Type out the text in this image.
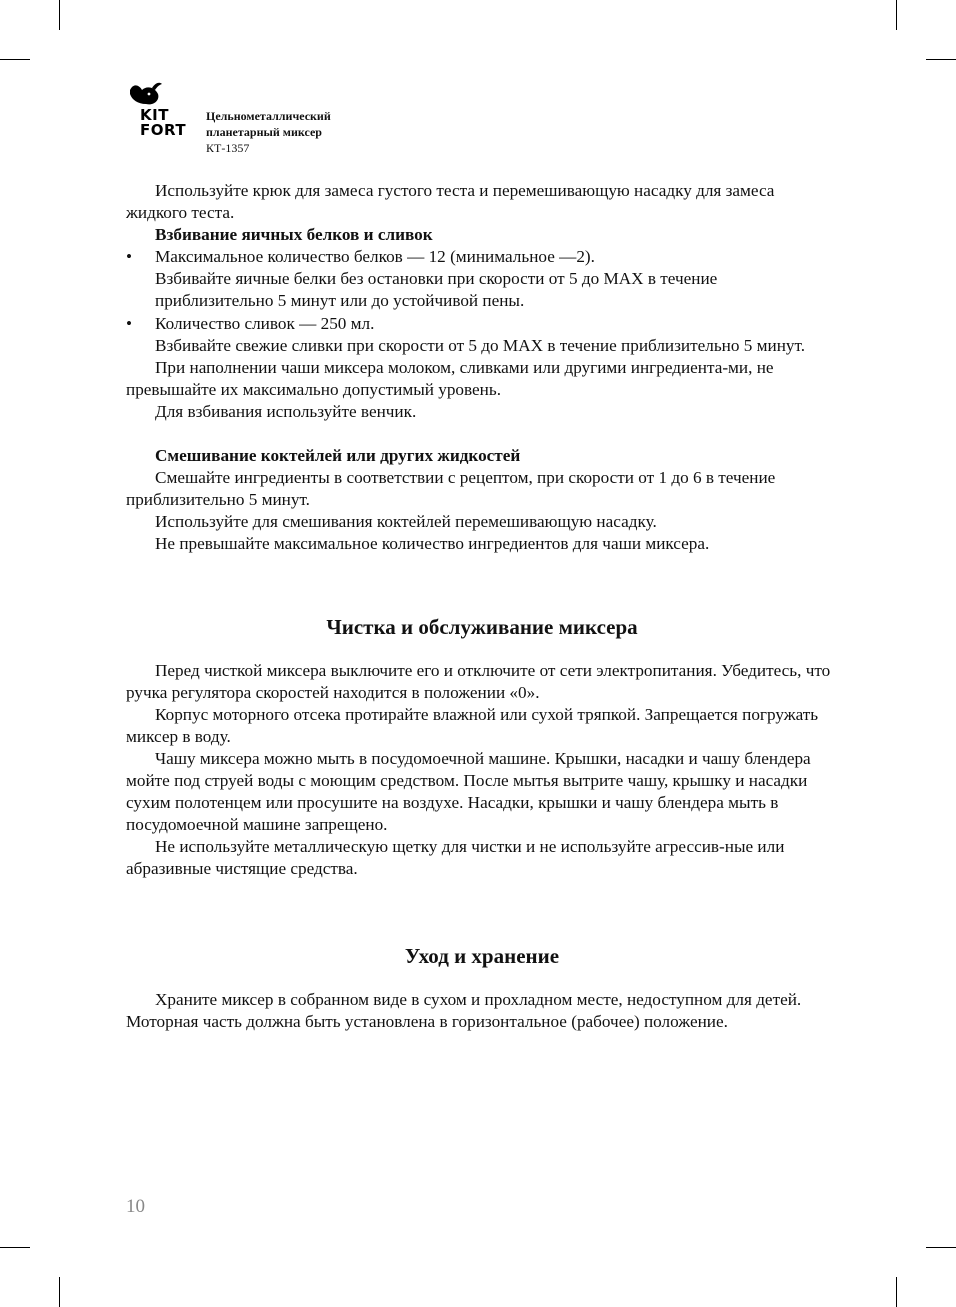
KIT
FORT
Цельнометаллический
планетарный миксер
КТ-1357

Используйте крюк для замеса густого теста и перемешивающую насадку для замеса жидкого теста.

Взбивание яичных белков и сливок

• Максимальное количество белков — 12 (минимальное —2).
Взбивайте яичные белки без остановки при скорости от 5 до MAX в течение приблизительно 5 минут или до устойчивой пены.
• Количество сливок — 250 мл.
Взбивайте свежие сливки при скорости от 5 до MAX в течение приблизительно 5 минут.

При наполнении чаши миксера молоком, сливками или другими ингредиента-ми, не превышайте их максимально допустимый уровень.

Для взбивания используйте венчик.

Смешивание коктейлей или других жидкостей

Смешайте ингредиенты в соответствии с рецептом, при скорости от 1 до 6 в течение приблизительно 5 минут.

Используйте для смешивания коктейлей перемешивающую насадку.

Не превышайте максимальное количество ингредиентов для чаши миксера.

Чистка и обслуживание миксера

Перед чисткой миксера выключите его и отключите от сети электропитания. Убедитесь, что ручка регулятора скоростей находится в положении «0».

Корпус моторного отсека протирайте влажной или сухой тряпкой. Запрещается погружать миксер в воду.

Чашу миксера можно мыть в посудомоечной машине. Крышки, насадки и чашу блендера мойте под струей воды с моющим средством. После мытья вытрите чашу, крышку и насадки сухим полотенцем или просушите на воздухе. Насадки, крышки и чашу блендера мыть в посудомоечной машине запрещено.

Не используйте металлическую щетку для чистки и не используйте агрессив-ные или абразивные чистящие средства.

Уход и хранение

Храните миксер в собранном виде в сухом и прохладном месте, недоступном для детей. Моторная часть должна быть установлена в горизонтальное (рабочее) положение.

10
